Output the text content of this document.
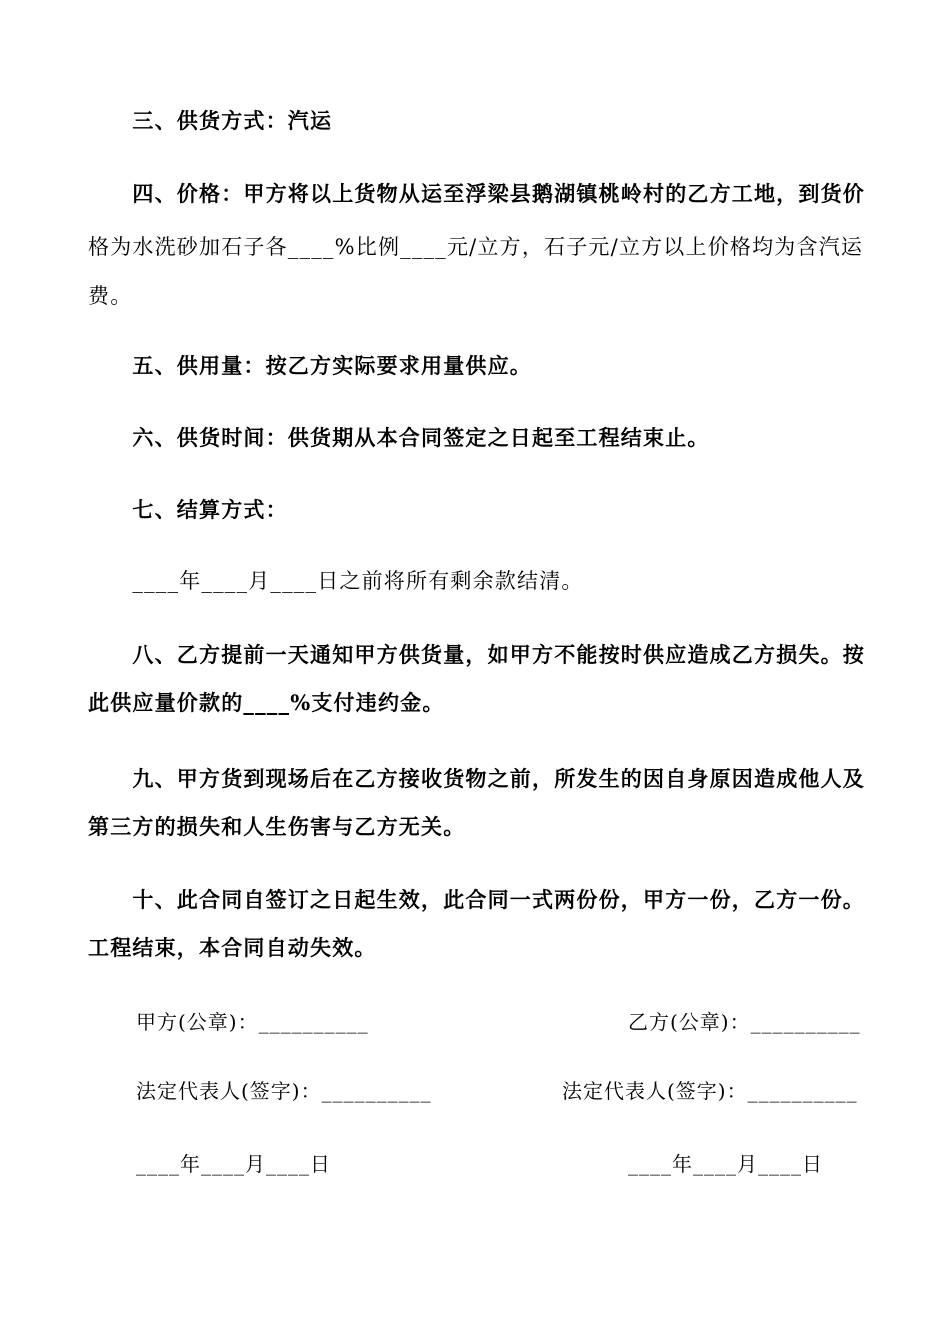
　　三、供货方式：汽运
　　四、价格：甲方将以上货物从运至浮梁县鹅湖镇桃岭村的乙方工地，到货价
格为水洗砂加石子各____%比例____元/立方，石子元/立方以上价格均为含汽运
费。
　　五、供用量：按乙方实际要求用量供应。
　　六、供货时间：供货期从本合同签定之日起至工程结束止。
　　七、结算方式：
　　____年____月____日之前将所有剩余款结清。
　　八、乙方提前一天通知甲方供货量，如甲方不能按时供应造成乙方损失。按
此供应量价款的____%支付违约金。
　　九、甲方货到现场后在乙方接收货物之前，所发生的因自身原因造成他人及
第三方的损失和人生伤害与乙方无关。
　　十、此合同自签订之日起生效，此合同一式两份份，甲方一份，乙方一份。
工程结束，本合同自动失效。
甲方(公章)：__________	乙方(公章)：__________
法定代表人(签字)：__________	法定代表人(签字)：__________
____年____月____日	____年____月____日
